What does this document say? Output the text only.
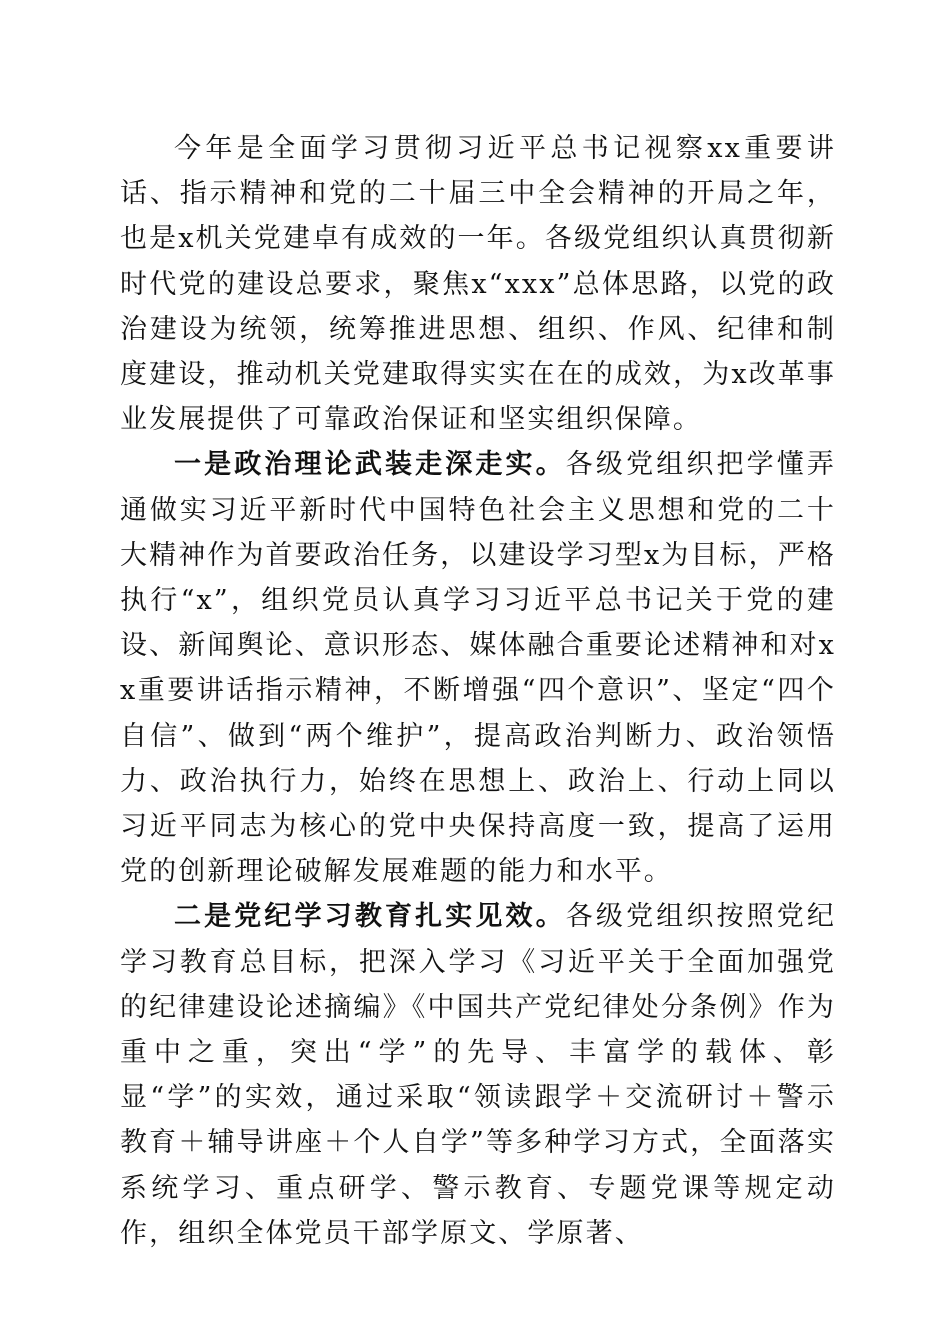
今年是全面学习贯彻习近平总书记视察xx重要讲话、指示精神和党的二十届三中全会精神的开局之年，也是x机关党建卓有成效的一年。各级党组织认真贯彻新时代党的建设总要求，聚焦x“xxx”总体思路，以党的政治建设为统领，统筹推进思想、组织、作风、纪律和制度建设，推动机关党建取得实实在在的成效，为x改革事业发展提供了可靠政治保证和坚实组织保障。

一是政治理论武装走深走实。各级党组织把学懂弄通做实习近平新时代中国特色社会主义思想和党的二十大精神作为首要政治任务，以建设学习型x为目标，严格执行“x”，组织党员认真学习习近平总书记关于党的建设、新闻舆论、意识形态、媒体融合重要论述精神和对xx重要讲话指示精神，不断增强“四个意识”、坚定“四个自信”、做到“两个维护”，提高政治判断力、政治领悟力、政治执行力，始终在思想上、政治上、行动上同以习近平同志为核心的党中央保持高度一致，提高了运用党的创新理论破解发展难题的能力和水平。

二是党纪学习教育扎实见效。各级党组织按照党纪学习教育总目标，把深入学习《习近平关于全面加强党的纪律建设论述摘编》《中国共产党纪律处分条例》作为重中之重，突出“学”的先导、丰富学的载体、彰显“学”的实效，通过采取“领读跟学＋交流研讨＋警示教育＋辅导讲座＋个人自学”等多种学习方式，全面落实系统学习、重点研学、警示教育、专题党课等规定动作，组织全体党员干部学原文、学原著、
